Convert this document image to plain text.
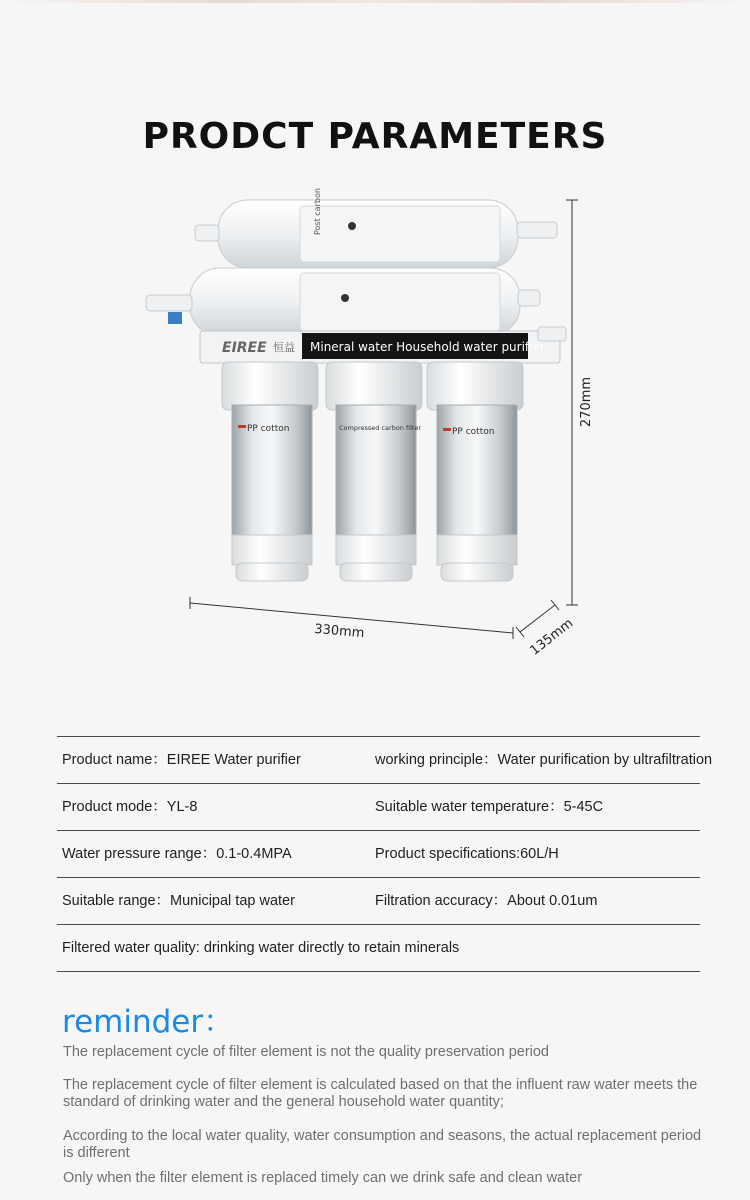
PRODCT PARAMETERS
Post carbon
EIREE 恒益 Mineral water Household water purifier
PP cotton	Compressed carbon filter	PP cotton
270mm
330mm	135mm
Product name：EIREE Water purifier	working principle：Water purification by ultrafiltration
Product mode：YL-8	Suitable water temperature：5-45C
Water pressure range：0.1-0.4MPA	Product specifications:60L/H
Suitable range：Municipal tap water	Filtration accuracy：About 0.01um
Filtered water quality: drinking water directly to retain minerals
reminder：
The replacement cycle of filter element is not the quality preservation period
The replacement cycle of filter element is calculated based on that the influent raw water meets the standard of drinking water and the general household water quantity;
According to the local water quality, water consumption and seasons, the actual replacement period is different
Only when the filter element is replaced timely can we drink safe and clean water
